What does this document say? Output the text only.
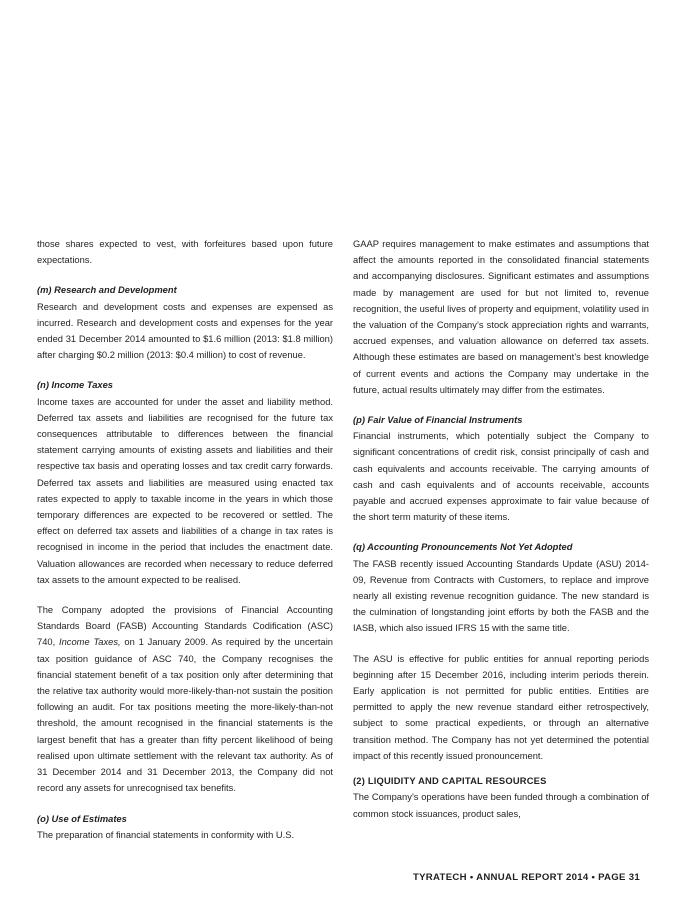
those shares expected to vest, with forfeitures based upon future expectations.

(m) Research and Development

Research and development costs and expenses are expensed as incurred. Research and development costs and expenses for the year ended 31 December 2014 amounted to $1.6 million (2013: $1.8 million) after charging $0.2 million (2013: $0.4 million) to cost of revenue.

(n) Income Taxes

Income taxes are accounted for under the asset and liability method. Deferred tax assets and liabilities are recognised for the future tax consequences attributable to differences between the financial statement carrying amounts of existing assets and liabilities and their respective tax basis and operating losses and tax credit carry forwards. Deferred tax assets and liabilities are measured using enacted tax rates expected to apply to taxable income in the years in which those temporary differences are expected to be recovered or settled. The effect on deferred tax assets and liabilities of a change in tax rates is recognised in income in the period that includes the enactment date. Valuation allowances are recorded when necessary to reduce deferred tax assets to the amount expected to be realised.

The Company adopted the provisions of Financial Accounting Standards Board (FASB) Accounting Standards Codification (ASC) 740, Income Taxes, on 1 January 2009. As required by the uncertain tax position guidance of ASC 740, the Company recognises the financial statement benefit of a tax position only after determining that the relative tax authority would more-likely-than-not sustain the position following an audit. For tax positions meeting the more-likely-than-not threshold, the amount recognised in the financial statements is the largest benefit that has a greater than fifty percent likelihood of being realised upon ultimate settlement with the relevant tax authority. As of 31 December 2014 and 31 December 2013, the Company did not record any assets for unrecognised tax benefits.

(o) Use of Estimates

The preparation of financial statements in conformity with U.S.

GAAP requires management to make estimates and assumptions that affect the amounts reported in the consolidated financial statements and accompanying disclosures. Significant estimates and assumptions made by management are used for but not limited to, revenue recognition, the useful lives of property and equipment, volatility used in the valuation of the Company’s stock appreciation rights and warrants, accrued expenses, and valuation allowance on deferred tax assets. Although these estimates are based on management’s best knowledge of current events and actions the Company may undertake in the future, actual results ultimately may differ from the estimates.

(p) Fair Value of Financial Instruments

Financial instruments, which potentially subject the Company to significant concentrations of credit risk, consist principally of cash and cash equivalents and accounts receivable. The carrying amounts of cash and cash equivalents and of accounts receivable, accounts payable and accrued expenses approximate to fair value because of the short term maturity of these items.

(q) Accounting Pronouncements Not Yet Adopted

The FASB recently issued Accounting Standards Update (ASU) 2014-09, Revenue from Contracts with Customers, to replace and improve nearly all existing revenue recognition guidance. The new standard is the culmination of longstanding joint efforts by both the FASB and the IASB, which also issued IFRS 15 with the same title.

The ASU is effective for public entities for annual reporting periods beginning after 15 December 2016, including interim periods therein. Early application is not permitted for public entities. Entities are permitted to apply the new revenue standard either retrospectively, subject to some practical expedients, or through an alternative transition method. The Company has not yet determined the potential impact of this recently issued pronouncement.

(2) LIQUIDITY AND CAPITAL RESOURCES

The Company’s operations have been funded through a combination of common stock issuances, product sales,

TYRATECH • ANNUAL REPORT 2014 • PAGE 31
